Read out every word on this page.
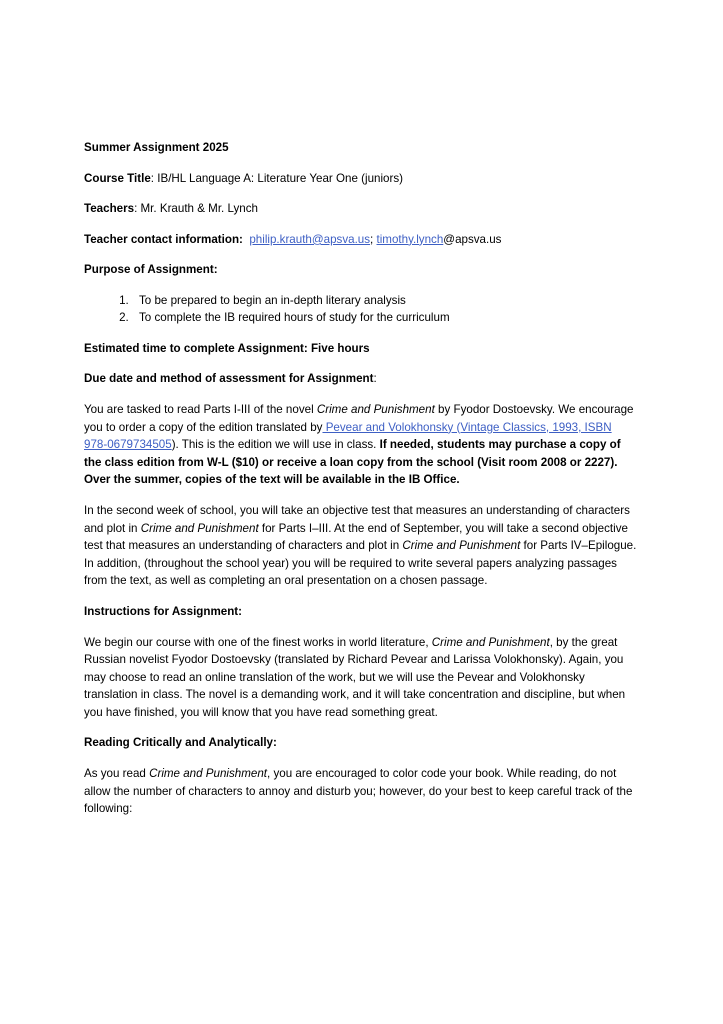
Summer Assignment 2025
Course Title: IB/HL Language A: Literature Year One (juniors)
Teachers: Mr. Krauth & Mr. Lynch
Teacher contact information: philip.krauth@apsva.us; timothy.lynch@apsva.us
Purpose of Assignment:
1. To be prepared to begin an in-depth literary analysis
2. To complete the IB required hours of study for the curriculum
Estimated time to complete Assignment: Five hours
Due date and method of assessment for Assignment:

You are tasked to read Parts I-III of the novel Crime and Punishment by Fyodor Dostoevsky. We encourage you to order a copy of the edition translated by Pevear and Volokhonsky (Vintage Classics, 1993, ISBN 978-0679734505). This is the edition we will use in class. If needed, students may purchase a copy of the class edition from W-L ($10) or receive a loan copy from the school (Visit room 2008 or 2227). Over the summer, copies of the text will be available in the IB Office.

In the second week of school, you will take an objective test that measures an understanding of characters and plot in Crime and Punishment for Parts I–III. At the end of September, you will take a second objective test that measures an understanding of characters and plot in Crime and Punishment for Parts IV–Epilogue. In addition, (throughout the school year) you will be required to write several papers analyzing passages from the text, as well as completing an oral presentation on a chosen passage.

Instructions for Assignment:

We begin our course with one of the finest works in world literature, Crime and Punishment, by the great Russian novelist Fyodor Dostoevsky (translated by Richard Pevear and Larissa Volokhonsky). Again, you may choose to read an online translation of the work, but we will use the Pevear and Volokhonsky translation in class. The novel is a demanding work, and it will take concentration and discipline, but when you have finished, you will know that you have read something great.

Reading Critically and Analytically:

As you read Crime and Punishment, you are encouraged to color code your book. While reading, do not allow the number of characters to annoy and disturb you; however, do your best to keep careful track of the following:
